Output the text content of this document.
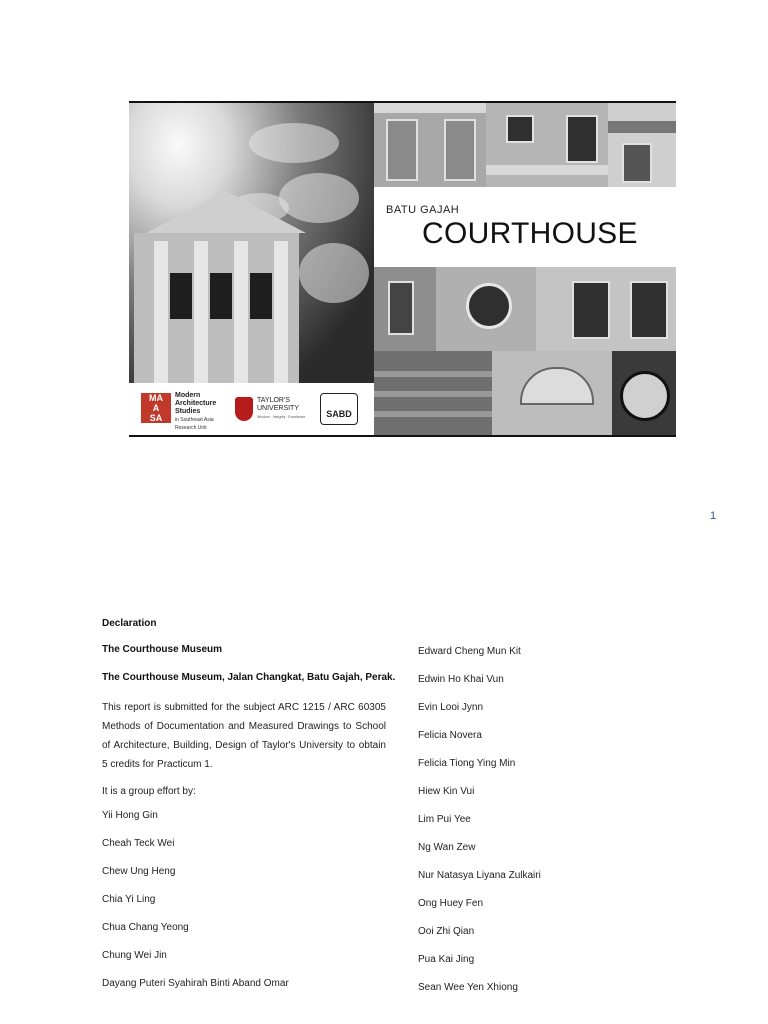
BATU GAJAH
COURTHOUSE
MA
A
SA
Modern Architecture Studies
in Southeast Asia Research Unit
TAYLOR'S UNIVERSITY
Wisdom · Integrity · Excellence	SABD
1
Declaration
The Courthouse Museum
The Courthouse Museum, Jalan Changkat, Batu Gajah, Perak.
This report is submitted for the subject ARC 1215 / ARC 60305 Methods of Documentation and Measured Drawings to School of Architecture, Building, Design of Taylor's University to obtain 5 credits for Practicum 1.
It is a group effort by:
Yii Hong Gin
Cheah Teck Wei
Chew Ung Heng
Chia Yi Ling
Chua Chang Yeong
Chung Wei Jin
Dayang Puteri Syahirah Binti Aband Omar
Edward Cheng Mun Kit
Edwin Ho Khai Vun
Evin Looi Jynn
Felicia Novera
Felicia Tiong Ying Min
Hiew Kin Vui
Lim Pui Yee
Ng Wan Zew
Nur Natasya Liyana Zulkairi
Ong Huey Fen
Ooi Zhi Qian
Pua Kai Jing
Sean Wee Yen Xhiong
